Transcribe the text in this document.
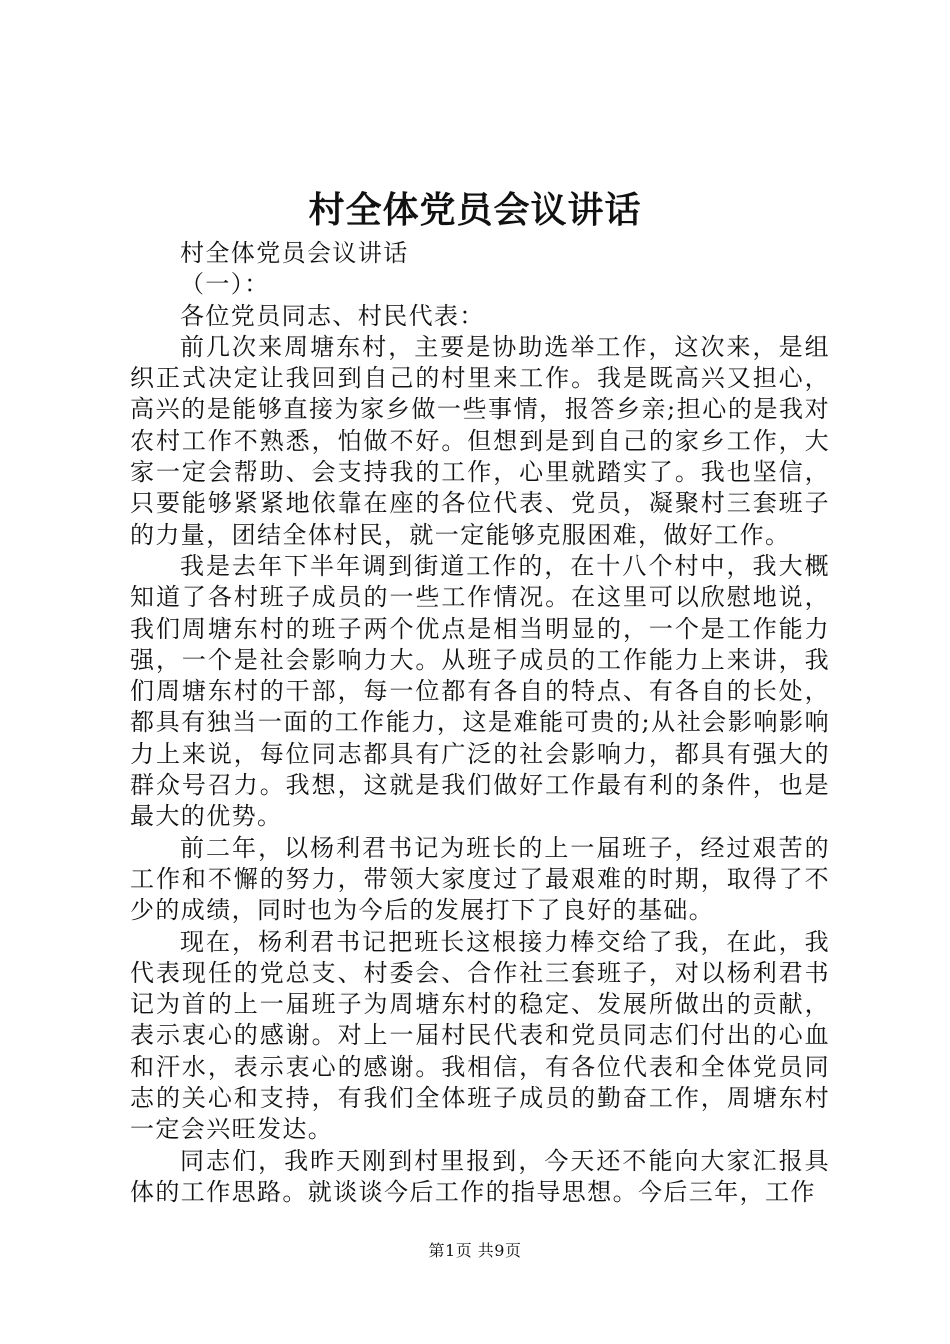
村全体党员会议讲话

村全体党员会议讲话

（一）：

各位党员同志、村民代表：

前几次来周塘东村，主要是协助选举工作，这次来，是组织正式决定让我回到自己的村里来工作。我是既高兴又担心，高兴的是能够直接为家乡做一些事情，报答乡亲;担心的是我对农村工作不熟悉，怕做不好。但想到是到自己的家乡工作，大家一定会帮助、会支持我的工作，心里就踏实了。我也坚信，只要能够紧紧地依靠在座的各位代表、党员，凝聚村三套班子的力量，团结全体村民，就一定能够克服困难，做好工作。

我是去年下半年调到街道工作的，在十八个村中，我大概知道了各村班子成员的一些工作情况。在这里可以欣慰地说，我们周塘东村的班子两个优点是相当明显的，一个是工作能力强，一个是社会影响力大。从班子成员的工作能力上来讲，我们周塘东村的干部，每一位都有各自的特点、有各自的长处，都具有独当一面的工作能力，这是难能可贵的;从社会影响影响力上来说，每位同志都具有广泛的社会影响力，都具有强大的群众号召力。我想，这就是我们做好工作最有利的条件，也是最大的优势。

前二年，以杨利君书记为班长的上一届班子，经过艰苦的工作和不懈的努力，带领大家度过了最艰难的时期，取得了不少的成绩，同时也为今后的发展打下了良好的基础。

现在，杨利君书记把班长这根接力棒交给了我，在此，我代表现任的党总支、村委会、合作社三套班子，对以杨利君书记为首的上一届班子为周塘东村的稳定、发展所做出的贡献，表示衷心的感谢。对上一届村民代表和党员同志们付出的心血和汗水，表示衷心的感谢。我相信，有各位代表和全体党员同志的关心和支持，有我们全体班子成员的勤奋工作，周塘东村一定会兴旺发达。

同志们，我昨天刚到村里报到，今天还不能向大家汇报具体的工作思路。就谈谈今后工作的指导思想。今后三年，工作

第1页 共9页
